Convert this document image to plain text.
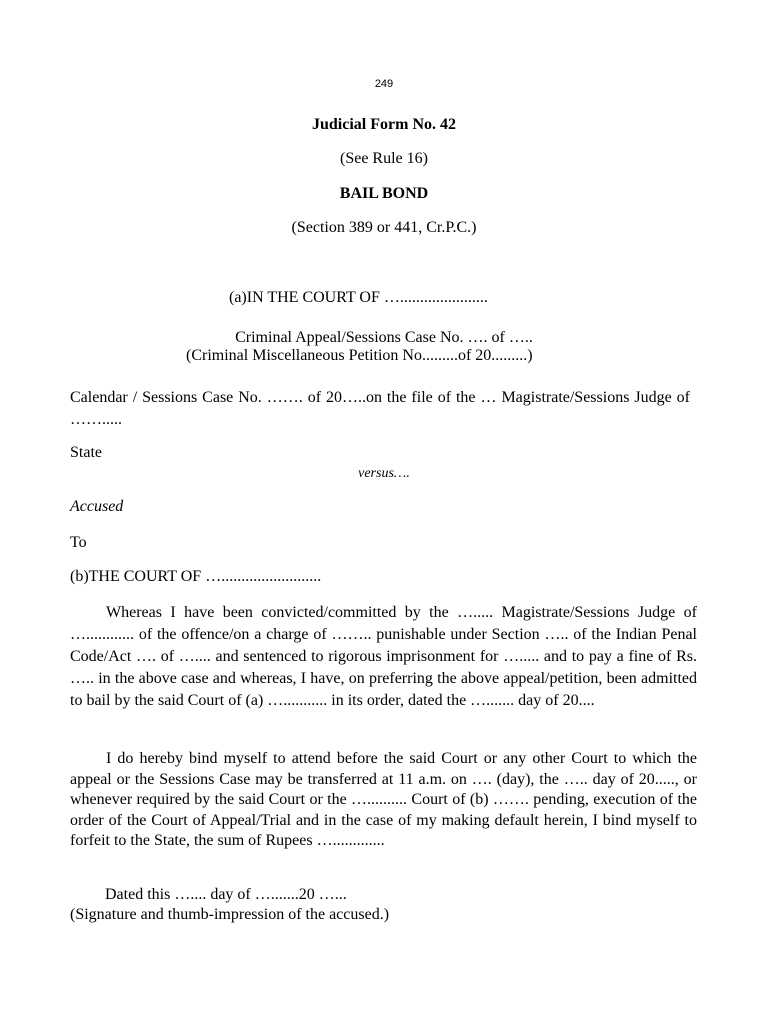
249
Judicial Form No. 42
(See Rule 16)
BAIL BOND
(Section 389 or 441, Cr.P.C.)
(a)IN THE COURT OF …......................
Criminal Appeal/Sessions Case No. …. of …..
(Criminal Miscellaneous Petition No.........of 20.........)
Calendar / Sessions Case No. ……. of 20…..on the file of the … Magistrate/Sessions Judge of …….....
State
versus….
Accused
To
(b)THE COURT OF ….........................
Whereas I have been convicted/committed by the …..... Magistrate/Sessions Judge of …............ of the offence/on a charge of …….. punishable under Section ….. of the Indian Penal Code/Act …. of ….... and sentenced to rigorous imprisonment for …..... and to pay a fine of Rs. ….. in the above case and whereas, I have, on preferring the above appeal/petition, been admitted to bail by the said Court of (a) …........... in its order, dated the …....... day of 20....
I do hereby bind myself to attend before the said Court or any other Court to which the appeal or the Sessions Case may be transferred at 11 a.m. on …. (day), the ….. day of 20....., or whenever required by the said Court or the ….......... Court of (b) ……. pending, execution of the order of the Court of Appeal/Trial and in the case of my making default herein, I bind myself to forfeit to the State, the sum of Rupees ….............
Dated this ….... day of ….......20 …...
(Signature and thumb-impression of the accused.)
